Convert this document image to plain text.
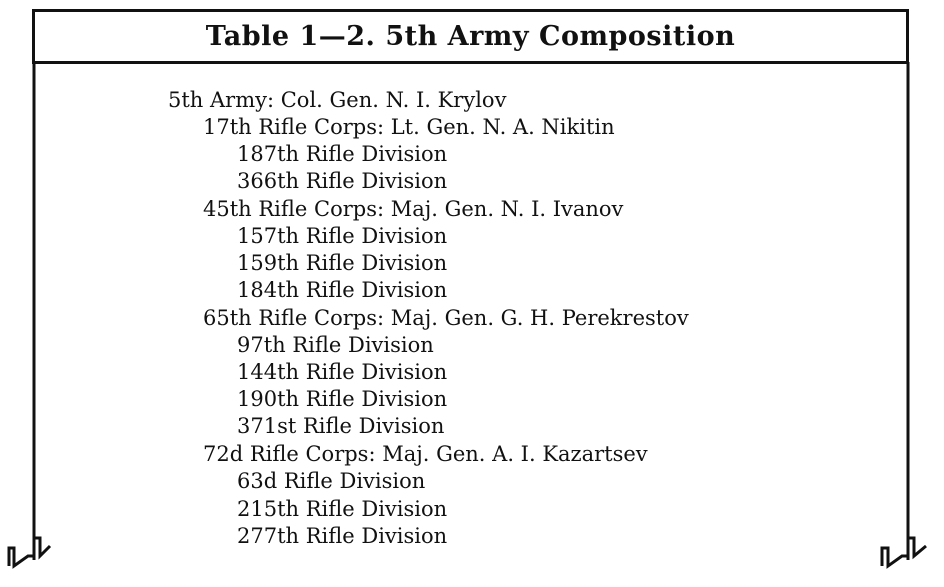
Table 1—2. 5th Army Composition
5th Army: Col. Gen. N. I. Krylov
17th Rifle Corps: Lt. Gen. N. A. Nikitin
187th Rifle Division
366th Rifle Division
45th Rifle Corps: Maj. Gen. N. I. Ivanov
157th Rifle Division
159th Rifle Division
184th Rifle Division
65th Rifle Corps: Maj. Gen. G. H. Perekrestov
97th Rifle Division
144th Rifle Division
190th Rifle Division
371st Rifle Division
72d Rifle Corps: Maj. Gen. A. I. Kazartsev
63d Rifle Division
215th Rifle Division
277th Rifle Division
